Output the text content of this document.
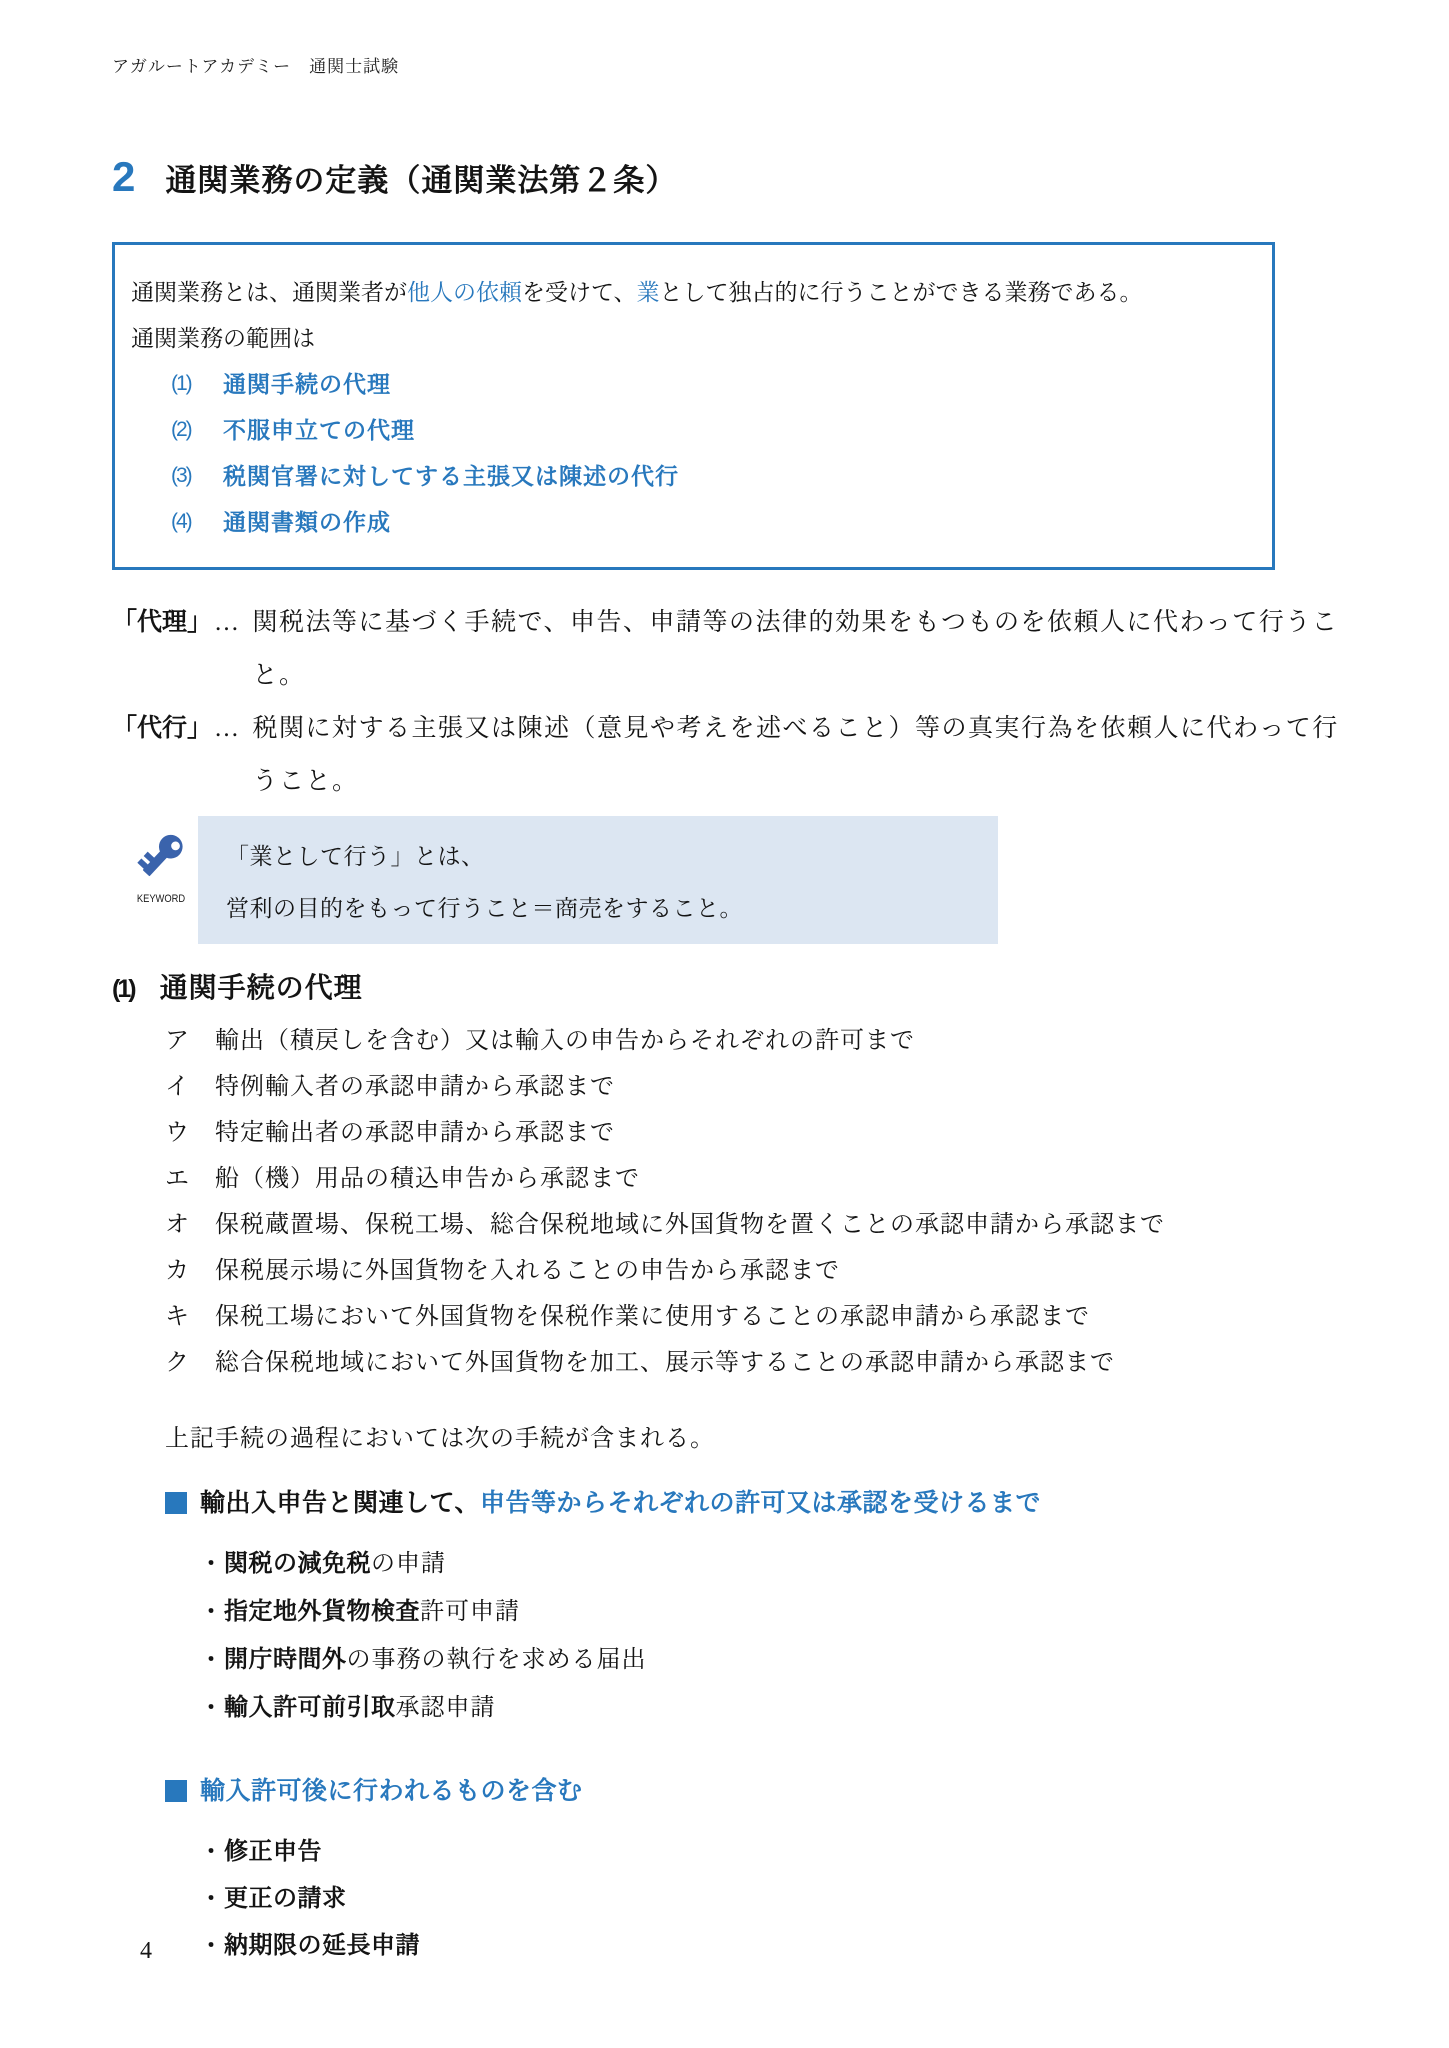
アガルートアカデミー　通関士試験
2 通関業務の定義（通関業法第２条）
通関業務とは、通関業者が他人の依頼を受けて、業として独占的に行うことができる業務である。
通関業務の範囲は
(1)	通関手続の代理
(2)	不服申立ての代理
(3)	税関官署に対してする主張又は陳述の代行
(4)	通関書類の作成
「代理」 … 関税法等に基づく手続で、申告、申請等の法律的効果をもつものを依頼人に代わって行うこと。
「代行」 … 税関に対する主張又は陳述（意見や考えを述べること）等の真実行為を依頼人に代わって行うこと。
KEYWORD
「業として行う」とは、
営利の目的をもって行うこと＝商売をすること。
(1) 通関手続の代理
ア	輸出（積戻しを含む）又は輸入の申告からそれぞれの許可まで
イ	特例輸入者の承認申請から承認まで
ウ	特定輸出者の承認申請から承認まで
エ	船（機）用品の積込申告から承認まで
オ	保税蔵置場、保税工場、総合保税地域に外国貨物を置くことの承認申請から承認まで
カ	保税展示場に外国貨物を入れることの申告から承認まで
キ	保税工場において外国貨物を保税作業に使用することの承認申請から承認まで
ク	総合保税地域において外国貨物を加工、展示等することの承認申請から承認まで
上記手続の過程においては次の手続が含まれる。
輸出入申告と関連して、 申告等からそれぞれの許可又は承認を受けるまで
・ 関税の減免税 の申請
・ 指定地外貨物検査 許可申請
・ 開庁時間外 の事務の執行を求める届出
・ 輸入許可前引取 承認申請
輸入許可後に行われるものを含む
・ 修正申告
・ 更正の請求
・ 納期限の延長申請
4
